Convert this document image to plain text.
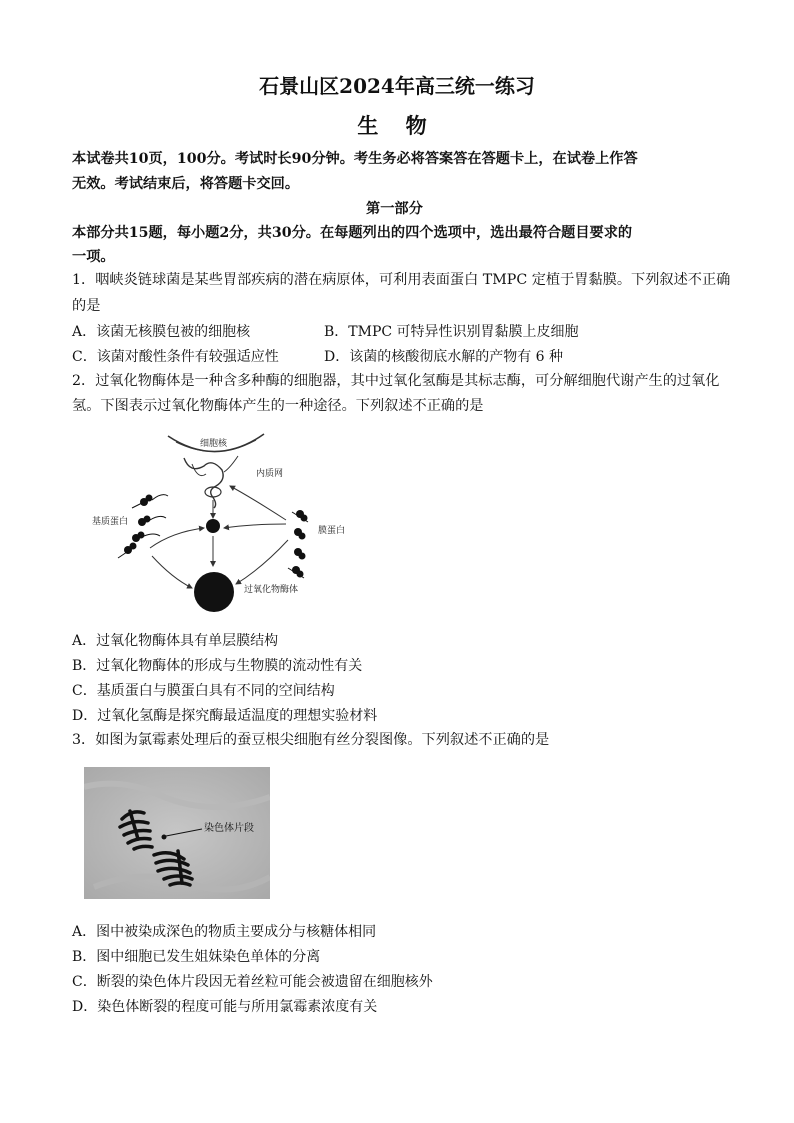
石景山区2024年高三统一练习
生 物
本试卷共10页，100分。考试时长90分钟。考生务必将答案答在答题卡上，在试卷上作答
无效。考试结束后，将答题卡交回。
第一部分
本部分共15题，每小题2分，共30分。在每题列出的四个选项中，选出最符合题目要求的
一项。
1．咽峡炎链球菌是某些胃部疾病的潜在病原体，可利用表面蛋白 TMPC 定植于胃黏膜。下列叙述不正确
的是
A．该菌无核膜包被的细胞核	B．TMPC 可特异性识别胃黏膜上皮细胞
C．该菌对酸性条件有较强适应性	D．该菌的核酸彻底水解的产物有 6 种
2．过氧化物酶体是一种含多种酶的细胞器，其中过氧化氢酶是其标志酶，可分解细胞代谢产生的过氧化
氢。下图表示过氧化物酶体产生的一种途径。下列叙述不正确的是
细胞核
内质网
基质蛋白
膜蛋白
过氧化物酶体
A．过氧化物酶体具有单层膜结构
B．过氧化物酶体的形成与生物膜的流动性有关
C．基质蛋白与膜蛋白具有不同的空间结构
D．过氧化氢酶是探究酶最适温度的理想实验材料
3．如图为氯霉素处理后的蚕豆根尖细胞有丝分裂图像。下列叙述不正确的是
染色体片段
A．图中被染成深色的物质主要成分与核糖体相同
B．图中细胞已发生姐妹染色单体的分离
C．断裂的染色体片段因无着丝粒可能会被遗留在细胞核外
D．染色体断裂的程度可能与所用氯霉素浓度有关
